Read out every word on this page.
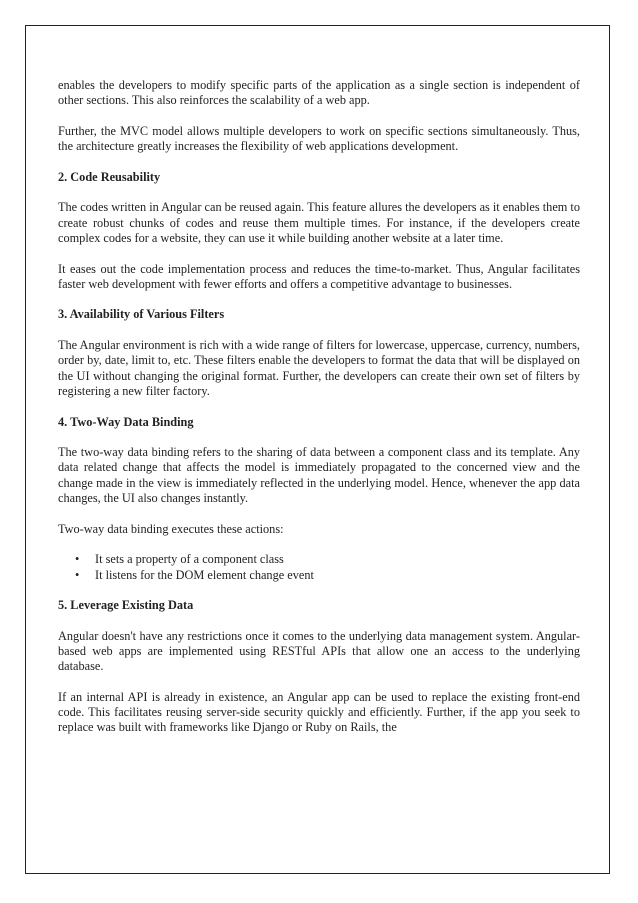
enables the developers to modify specific parts of the application as a single section is independent of other sections. This also reinforces the scalability of a web app.

Further, the MVC model allows multiple developers to work on specific sections simultaneously. Thus, the architecture greatly increases the flexibility of web applications development.

2. Code Reusability

The codes written in Angular can be reused again. This feature allures the developers as it enables them to create robust chunks of codes and reuse them multiple times. For instance, if the developers create complex codes for a website, they can use it while building another website at a later time.

It eases out the code implementation process and reduces the time-to-market. Thus, Angular facilitates faster web development with fewer efforts and offers a competitive advantage to businesses.

3. Availability of Various Filters

The Angular environment is rich with a wide range of filters for lowercase, uppercase, currency, numbers, order by, date, limit to, etc. These filters enable the developers to format the data that will be displayed on the UI without changing the original format. Further, the developers can create their own set of filters by registering a new filter factory.

4. Two-Way Data Binding

The two-way data binding refers to the sharing of data between a component class and its template. Any data related change that affects the model is immediately propagated to the concerned view and the change made in the view is immediately reflected in the underlying model. Hence, whenever the app data changes, the UI also changes instantly.

Two-way data binding executes these actions:

• It sets a property of a component class
• It listens for the DOM element change event
5. Leverage Existing Data

Angular doesn't have any restrictions once it comes to the underlying data management system. Angular-based web apps are implemented using RESTful APIs that allow one an access to the underlying database.

If an internal API is already in existence, an Angular app can be used to replace the existing front-end code. This facilitates reusing server-side security quickly and efficiently. Further, if the app you seek to replace was built with frameworks like Django or Ruby on Rails, the
